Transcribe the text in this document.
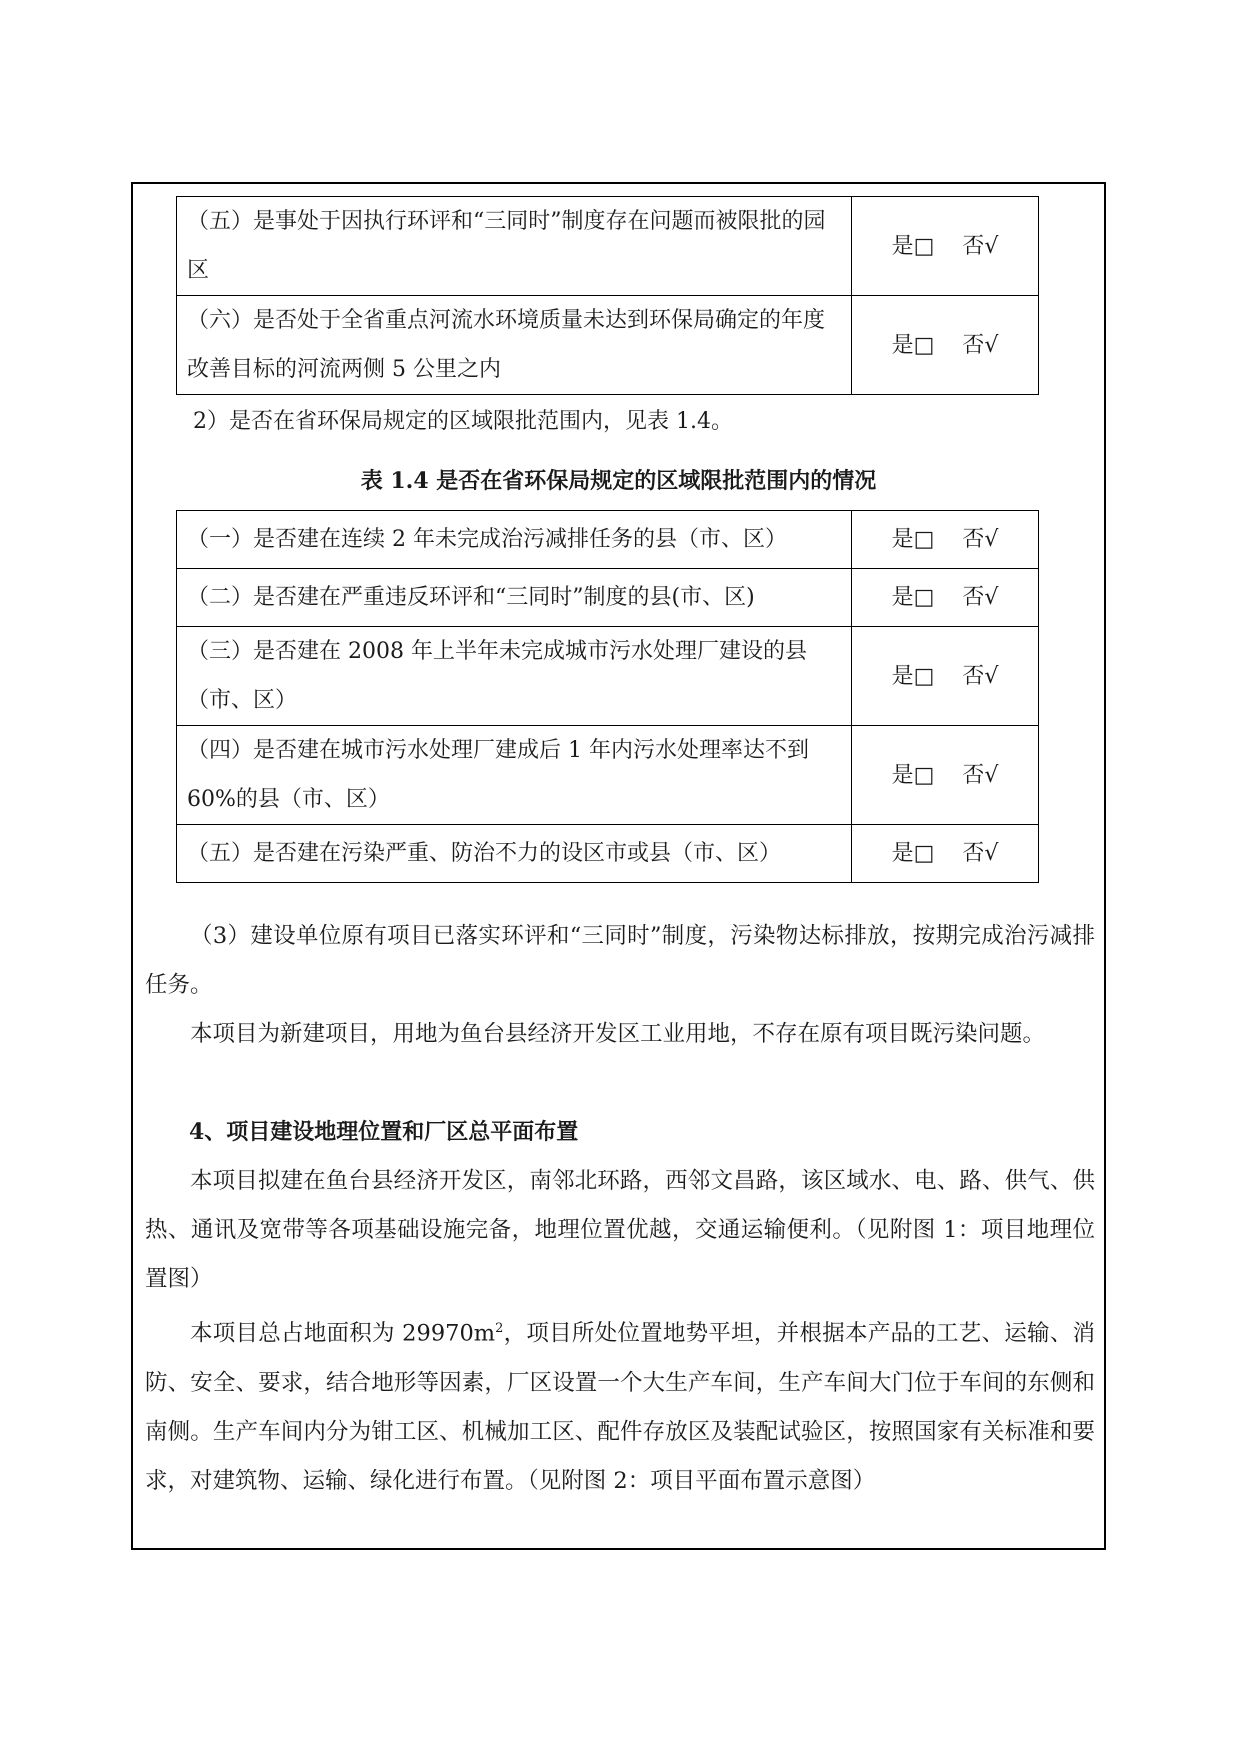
（五）是事处于因执行环评和“三同时”制度存在问题而被限批的园区	是□    否√
（六）是否处于全省重点河流水环境质量未达到环保局确定的年度改善目标的河流两侧 5 公里之内	是□    否√
2）是否在省环保局规定的区域限批范围内，见表 1.4。
表 1.4 是否在省环保局规定的区域限批范围内的情况
（一）是否建在连续 2 年未完成治污减排任务的县（市、区）	是□    否√
（二）是否建在严重违反环评和“三同时”制度的县(市、区)	是□    否√
（三）是否建在 2008 年上半年未完成城市污水处理厂建设的县（市、区）	是□    否√
（四）是否建在城市污水处理厂建成后 1 年内污水处理率达不到 60%的县（市、区）	是□    否√
（五）是否建在污染严重、防治不力的设区市或县（市、区）	是□    否√
（3）建设单位原有项目已落实环评和“三同时”制度，污染物达标排放，按期完成治污减排任务。
本项目为新建项目，用地为鱼台县经济开发区工业用地，不存在原有项目既污染问题。
4、项目建设地理位置和厂区总平面布置
本项目拟建在鱼台县经济开发区，南邻北环路，西邻文昌路，该区域水、电、路、供气、供热、通讯及宽带等各项基础设施完备，地理位置优越，交通运输便利。（见附图 1：项目地理位置图）
本项目总占地面积为 $29970m^2$，项目所处位置地势平坦，并根据本产品的工艺、运输、消防、安全、要求，结合地形等因素，厂区设置一个大生产车间，生产车间大门位于车间的东侧和南侧。生产车间内分为钳工区、机械加工区、配件存放区及装配试验区，按照国家有关标准和要求，对建筑物、运输、绿化进行布置。（见附图 2：项目平面布置示意图）
